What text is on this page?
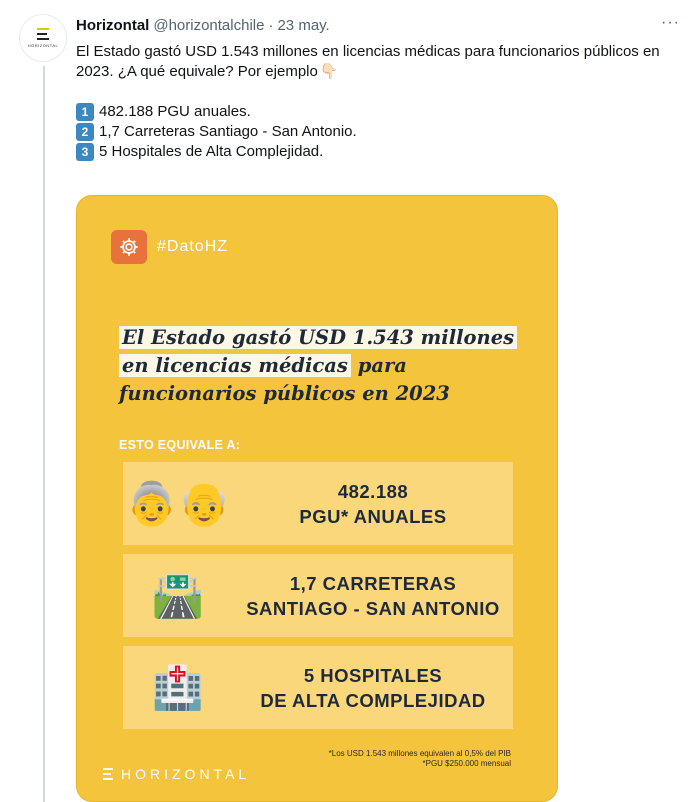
HORIZONTAL
Horizontal @horizontalchile · 23 may.	···

El Estado gastó USD 1.543 millones en licencias médicas para funcionarios públicos en 2023. ¿A qué equivale? Por ejemplo 👇🏻

1 482.188 PGU anuales.
2 1,7 Carreteras Santiago - San Antonio.
3 5 Hospitales de Alta Complejidad.
#DatoHZ
El Estado gastó USD 1.543 millones
en licencias médicas para
funcionarios públicos en 2023
ESTO EQUIVALE A:
👵👴	482.188
PGU* ANUALES
🛣️	1,7 CARRETERAS
SANTIAGO - SAN ANTONIO
🏥	5 HOSPITALES
DE ALTA COMPLEJIDAD
*Los USD 1.543 millones equivalen al 0,5% del PIB
*PGU $250.000 mensual
HORIZONTAL
